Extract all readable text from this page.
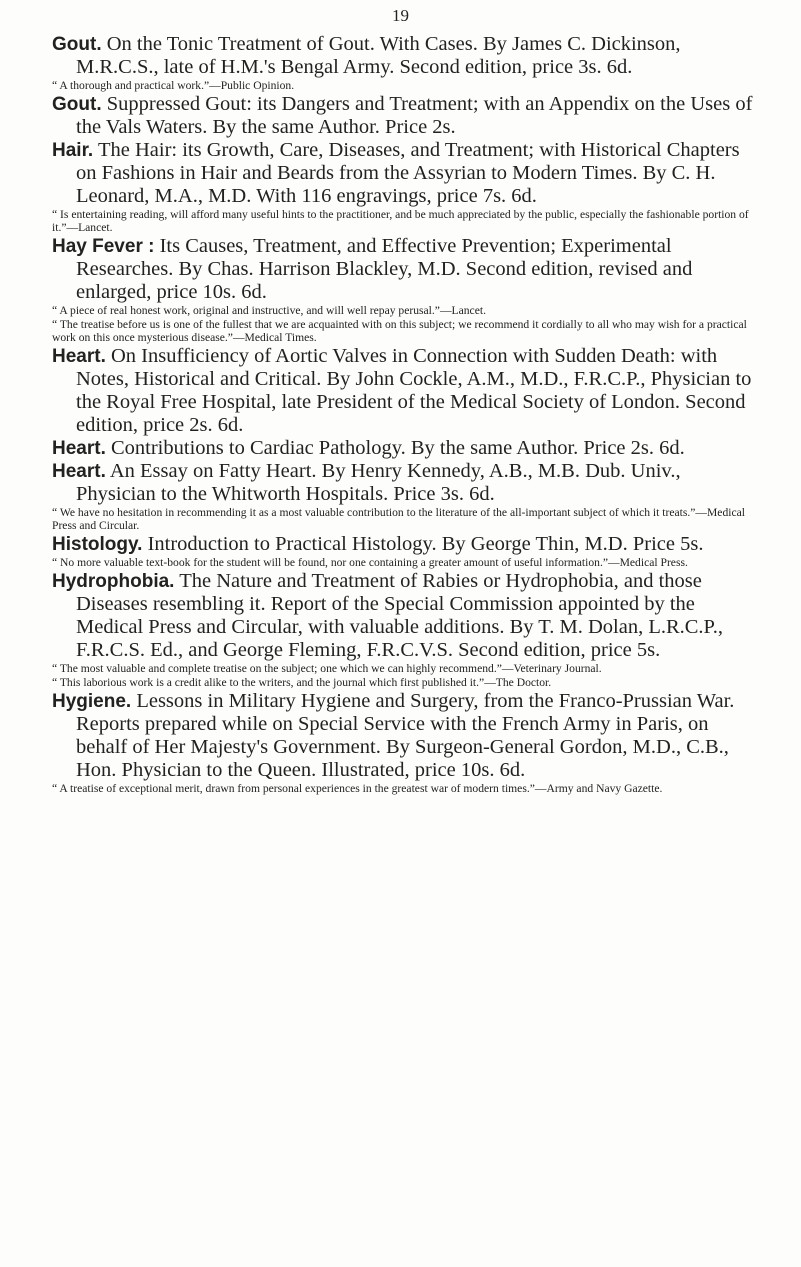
19

Gout. On the Tonic Treatment of Gout. With Cases. By James C. Dickinson, M.R.C.S., late of H.M.'s Bengal Army. Second edition, price 3s. 6d.

“ A thorough and practical work.”—Public Opinion.

Gout. Suppressed Gout: its Dangers and Treatment; with an Appendix on the Uses of the Vals Waters. By the same Author. Price 2s.

Hair. The Hair: its Growth, Care, Diseases, and Treatment; with Historical Chapters on Fashions in Hair and Beards from the Assyrian to Modern Times. By C. H. Leonard, M.A., M.D. With 116 engravings, price 7s. 6d.

“ Is entertaining reading, will afford many useful hints to the practitioner, and be much appreciated by the public, especially the fashionable portion of it.”—Lancet.

Hay Fever : Its Causes, Treatment, and Effective Prevention; Experimental Researches. By Chas. Harrison Blackley, M.D. Second edition, revised and enlarged, price 10s. 6d.

“ A piece of real honest work, original and instructive, and will well repay perusal.”—Lancet.

“ The treatise before us is one of the fullest that we are acquainted with on this subject; we recommend it cordially to all who may wish for a practical work on this once mysterious disease.”—Medical Times.

Heart. On Insufficiency of Aortic Valves in Connection with Sudden Death: with Notes, Historical and Critical. By John Cockle, A.M., M.D., F.R.C.P., Physician to the Royal Free Hospital, late President of the Medical Society of London. Second edition, price 2s. 6d.

Heart. Contributions to Cardiac Pathology. By the same Author. Price 2s. 6d.

Heart. An Essay on Fatty Heart. By Henry Kennedy, A.B., M.B. Dub. Univ., Physician to the Whitworth Hospitals. Price 3s. 6d.

“ We have no hesitation in recommending it as a most valuable contribution to the literature of the all-important subject of which it treats.”—Medical Press and Circular.

Histology. Introduction to Practical Histology. By George Thin, M.D. Price 5s.

“ No more valuable text-book for the student will be found, nor one containing a greater amount of useful information.”—Medical Press.

Hydrophobia. The Nature and Treatment of Rabies or Hydrophobia, and those Diseases resembling it. Report of the Special Commission appointed by the Medical Press and Circular, with valuable additions. By T. M. Dolan, L.R.C.P., F.R.C.S. Ed., and George Fleming, F.R.C.V.S. Second edition, price 5s.

“ The most valuable and complete treatise on the subject; one which we can highly recommend.”—Veterinary Journal.

“ This laborious work is a credit alike to the writers, and the journal which first published it.”—The Doctor.

Hygiene. Lessons in Military Hygiene and Surgery, from the Franco-Prussian War. Reports prepared while on Special Service with the French Army in Paris, on behalf of Her Majesty's Government. By Surgeon-General Gordon, M.D., C.B., Hon. Physician to the Queen. Illustrated, price 10s. 6d.

“ A treatise of exceptional merit, drawn from personal experiences in the greatest war of modern times.”—Army and Navy Gazette.
